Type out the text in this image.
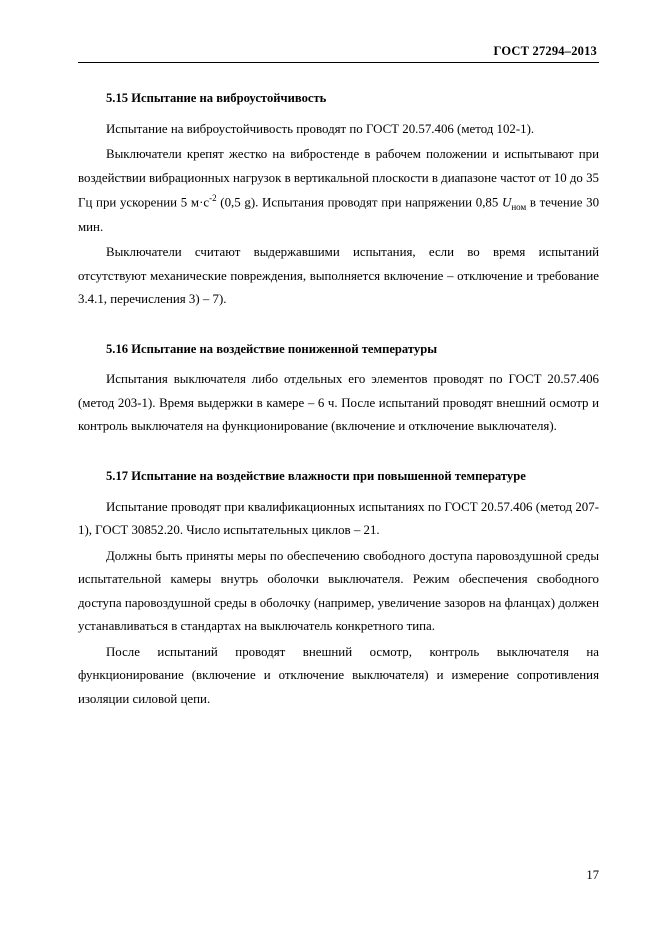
ГОСТ 27294–2013
5.15 Испытание на виброустойчивость

Испытание на виброустойчивость проводят по ГОСТ 20.57.406 (метод 102-1).

Выключатели крепят жестко на вибростенде в рабочем положении и испытывают при воздействии вибрационных нагрузок в вертикальной плоскости в диапазоне частот от 10 до 35 Гц при ускорении 5 $м\cdot с^{-2}$ (0,5 g). Испытания проводят при напряжении 0,85 $U_{ном}$ в течение 30 мин.

Выключатели считают выдержавшими испытания, если во время испытаний отсутствуют механические повреждения, выполняется включение – отключение и требование 3.4.1, перечисления 3) – 7).

5.16 Испытание на воздействие пониженной температуры

Испытания выключателя либо отдельных его элементов проводят по ГОСТ 20.57.406 (метод 203-1). Время выдержки в камере – 6 ч. После испытаний проводят внешний осмотр и контроль выключателя на функционирование (включение и отключение выключателя).

5.17 Испытание на воздействие влажности при повышенной температуре

Испытание проводят при квалификационных испытаниях по ГОСТ 20.57.406 (метод 207-1), ГОСТ 30852.20. Число испытательных циклов – 21.

Должны быть приняты меры по обеспечению свободного доступа паровоздушной среды испытательной камеры внутрь оболочки выключателя. Режим обеспечения свободного доступа паровоздушной среды в оболочку (например, увеличение зазоров на фланцах) должен устанавливаться в стандартах на выключатель конкретного типа.

После испытаний проводят внешний осмотр, контроль выключателя на функционирование (включение и отключение выключателя) и измерение сопротивления изоляции силовой цепи.

17
